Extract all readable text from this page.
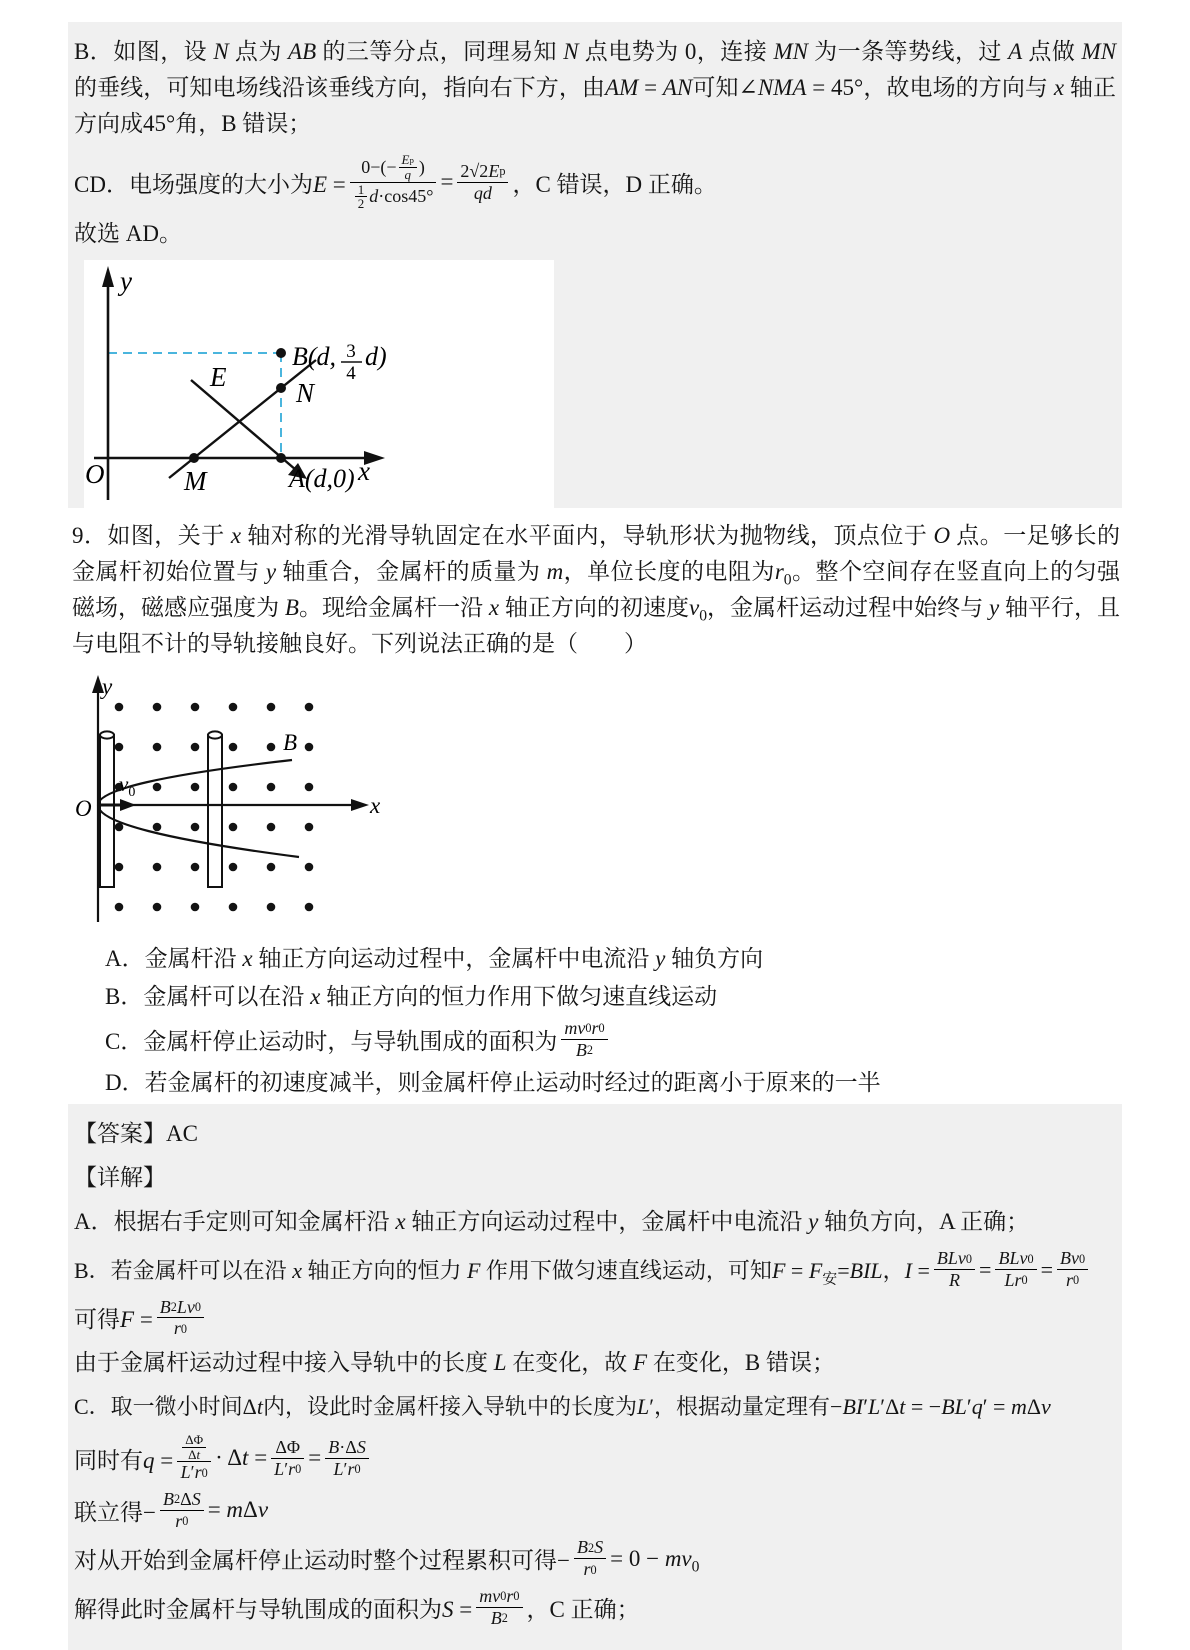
B．如图，设 N 点为 AB 的三等分点，同理易知 N 点电势为 0，连接 MN 为一条等势线，过 A 点做 MN 的垂线，可知电场线沿该垂线方向，指向右下方，由AM = AN可知∠NMA = 45°，故电场的方向与 x 轴正方向成45°角，B 错误；

CD．电场强度的大小为E =
$0-(- \frac{\text{E p}}{q}$ )
$\frac{1}{2} d\cdot\cos 45^\circ$
= $\frac{\text{2√2 E p}}{qd}$ ，C 错误，D 正确。

故选 AD。

y
x
O
E
M
N
A(d,0)
B(d, 3
4
d)

9．如图，关于 x 轴对称的光滑导轨固定在水平面内，导轨形状为抛物线，顶点位于 O 点。一足够长的金属杆初始位置与 y 轴重合，金属杆的质量为 m，单位长度的电阻为$r_0$。整个空间存在竖直向上的匀强磁场，磁感应强度为 B。现给金属杆一沿 x 轴正方向的初速度$v_0$，金属杆运动过程中始终与 y 轴平行，且与电阻不计的导轨接触良好。下列说法正确的是（　　）

y
x
O
B
$v_0$

A．金属杆沿 x 轴正方向运动过程中，金属杆中电流沿 y 轴负方向

B．金属杆可以在沿 x 轴正方向的恒力作用下做匀速直线运动

C．金属杆停止运动时，与导轨围成的面积为 $\frac{mv 0 r 0}{B 2}$

D．若金属杆的初速度减半，则金属杆停止运动时经过的距离小于原来的一半

【答案】AC

【详解】

A．根据右手定则可知金属杆沿 x 轴正方向运动过程中，金属杆中电流沿 y 轴负方向，A 正确；

B．若金属杆可以在沿 x 轴正方向的恒力 F 作用下做匀速直线运动，可知$F = F_安=BIL$，$I = \frac{\text{BLv 0}}{R} = \frac{\text{BLv 0}}{Lr 0} = \frac{Bv 0}{r 0}$
可得$F = \frac{B 2 Lv 0}{r 0}$

由于金属杆运动过程中接入导轨中的长度 L 在变化，故 F 在变化，B 错误；

C．取一微小时间Δt内，设此时金属杆接入导轨中的长度为L′，根据动量定理有−BI′L′Δt = −BL′q′ = mΔv

同时有$q = \frac{\frac{\Delta\Phi}{\text{Δ t}}}{L ' r 0} \cdot \Delta t = \frac{\Delta\Phi}{L ' r 0} = \frac{\text{B ·Δ S}}{L ' r 0}$
联立得− $\frac{\text{B 2 Δ S}}{r 0} = m\Delta v$
对从开始到金属杆停止运动时整个过程累积可得− $\frac{B 2 S}{r 0} = 0 - mv_0$
解得此时金属杆与导轨围成的面积为$S = \frac{mv 0 r 0}{B 2}$ ，C 正确；
